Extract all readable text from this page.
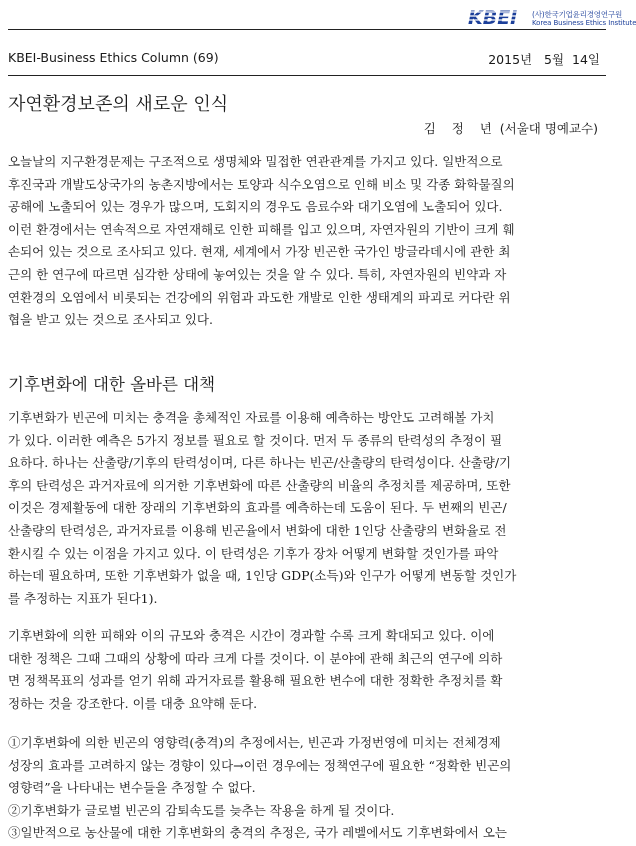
KBEI (사)한국기업윤리경영연구원
Korea Business Ethics Institute
KBEI-Business Ethics Column (69)	2015년   5월  14일
자연환경보존의 새로운 인식
김    정    년  (서울대 명예교수)

오늘날의 지구환경문제는 구조적으로 생명체와 밀접한 연관관계를 가지고 있다. 일반적으로
후진국과 개발도상국가의 농촌지방에서는 토양과 식수오염으로 인해 비소 및 각종 화학물질의
공해에 노출되어 있는 경우가 많으며, 도회지의 경우도 음료수와 대기오염에 노출되어 있다.
이런 환경에서는 연속적으로 자연재해로 인한 피해를 입고 있으며, 자연자원의 기반이 크게 훼
손되어 있는 것으로 조사되고 있다. 현재, 세계에서 가장 빈곤한 국가인 방글라데시에 관한 최
근의 한 연구에 따르면 심각한 상태에 놓여있는 것을 알 수 있다. 특히, 자연자원의 빈약과 자
연환경의 오염에서 비롯되는 건강에의 위험과 과도한 개발로 인한 생태계의 파괴로 커다란 위
협을 받고 있는 것으로 조사되고 있다.

기후변화에 대한 올바른 대책

기후변화가 빈곤에 미치는 충격을 총체적인 자료를 이용해 예측하는 방안도 고려해볼 가치
가 있다. 이러한 예측은 5가지 정보를 필요로 할 것이다. 먼저 두 종류의 탄력성의 추정이 필
요하다. 하나는 산출량/기후의 탄력성이며, 다른 하나는 빈곤/산출량의 탄력성이다. 산출량/기
후의 탄력성은 과거자료에 의거한 기후변화에 따른 산출량의 비율의 추정치를 제공하며, 또한
이것은 경제활동에 대한 장래의 기후변화의 효과를 예측하는데 도움이 된다. 두 번째의 빈곤/
산출량의 탄력성은, 과거자료를 이용해 빈곤율에서 변화에 대한 1인당 산출량의 변화율로 전
환시킬 수 있는 이점을 가지고 있다. 이 탄력성은 기후가 장차 어떻게 변화할 것인가를 파악
하는데 필요하며, 또한 기후변화가 없을 때, 1인당 GDP(소득)와 인구가 어떻게 변동할 것인가
를 추정하는 지표가 된다1).

기후변화에 의한 피해와 이의 규모와 충격은 시간이 경과할 수록 크게 확대되고 있다. 이에
대한 정책은 그때 그때의 상황에 따라 크게 다를 것이다. 이 분야에 관해 최근의 연구에 의하
면 정책목표의 성과를 얻기 위해 과거자료를 활용해 필요한 변수에 대한 정확한 추정치를 확
정하는 것을 강조한다. 이를 대충 요약해 둔다.

①기후변화에 의한 빈곤의 영향력(충격)의 추정에서는, 빈곤과 가정번영에 미치는 전체경제
성장의 효과를 고려하지 않는 경향이 있다→이런 경우에는 정책연구에 필요한 “정확한 빈곤의
영향력”을 나타내는 변수들을 추정할 수 없다.
②기후변화가 글로벌 빈곤의 감퇴속도를 늦추는 작용을 하게 될 것이다.
③일반적으로 농산물에 대한 기후변화의 충격의 추정은, 국가 레벨에서도 기후변화에서 오는
